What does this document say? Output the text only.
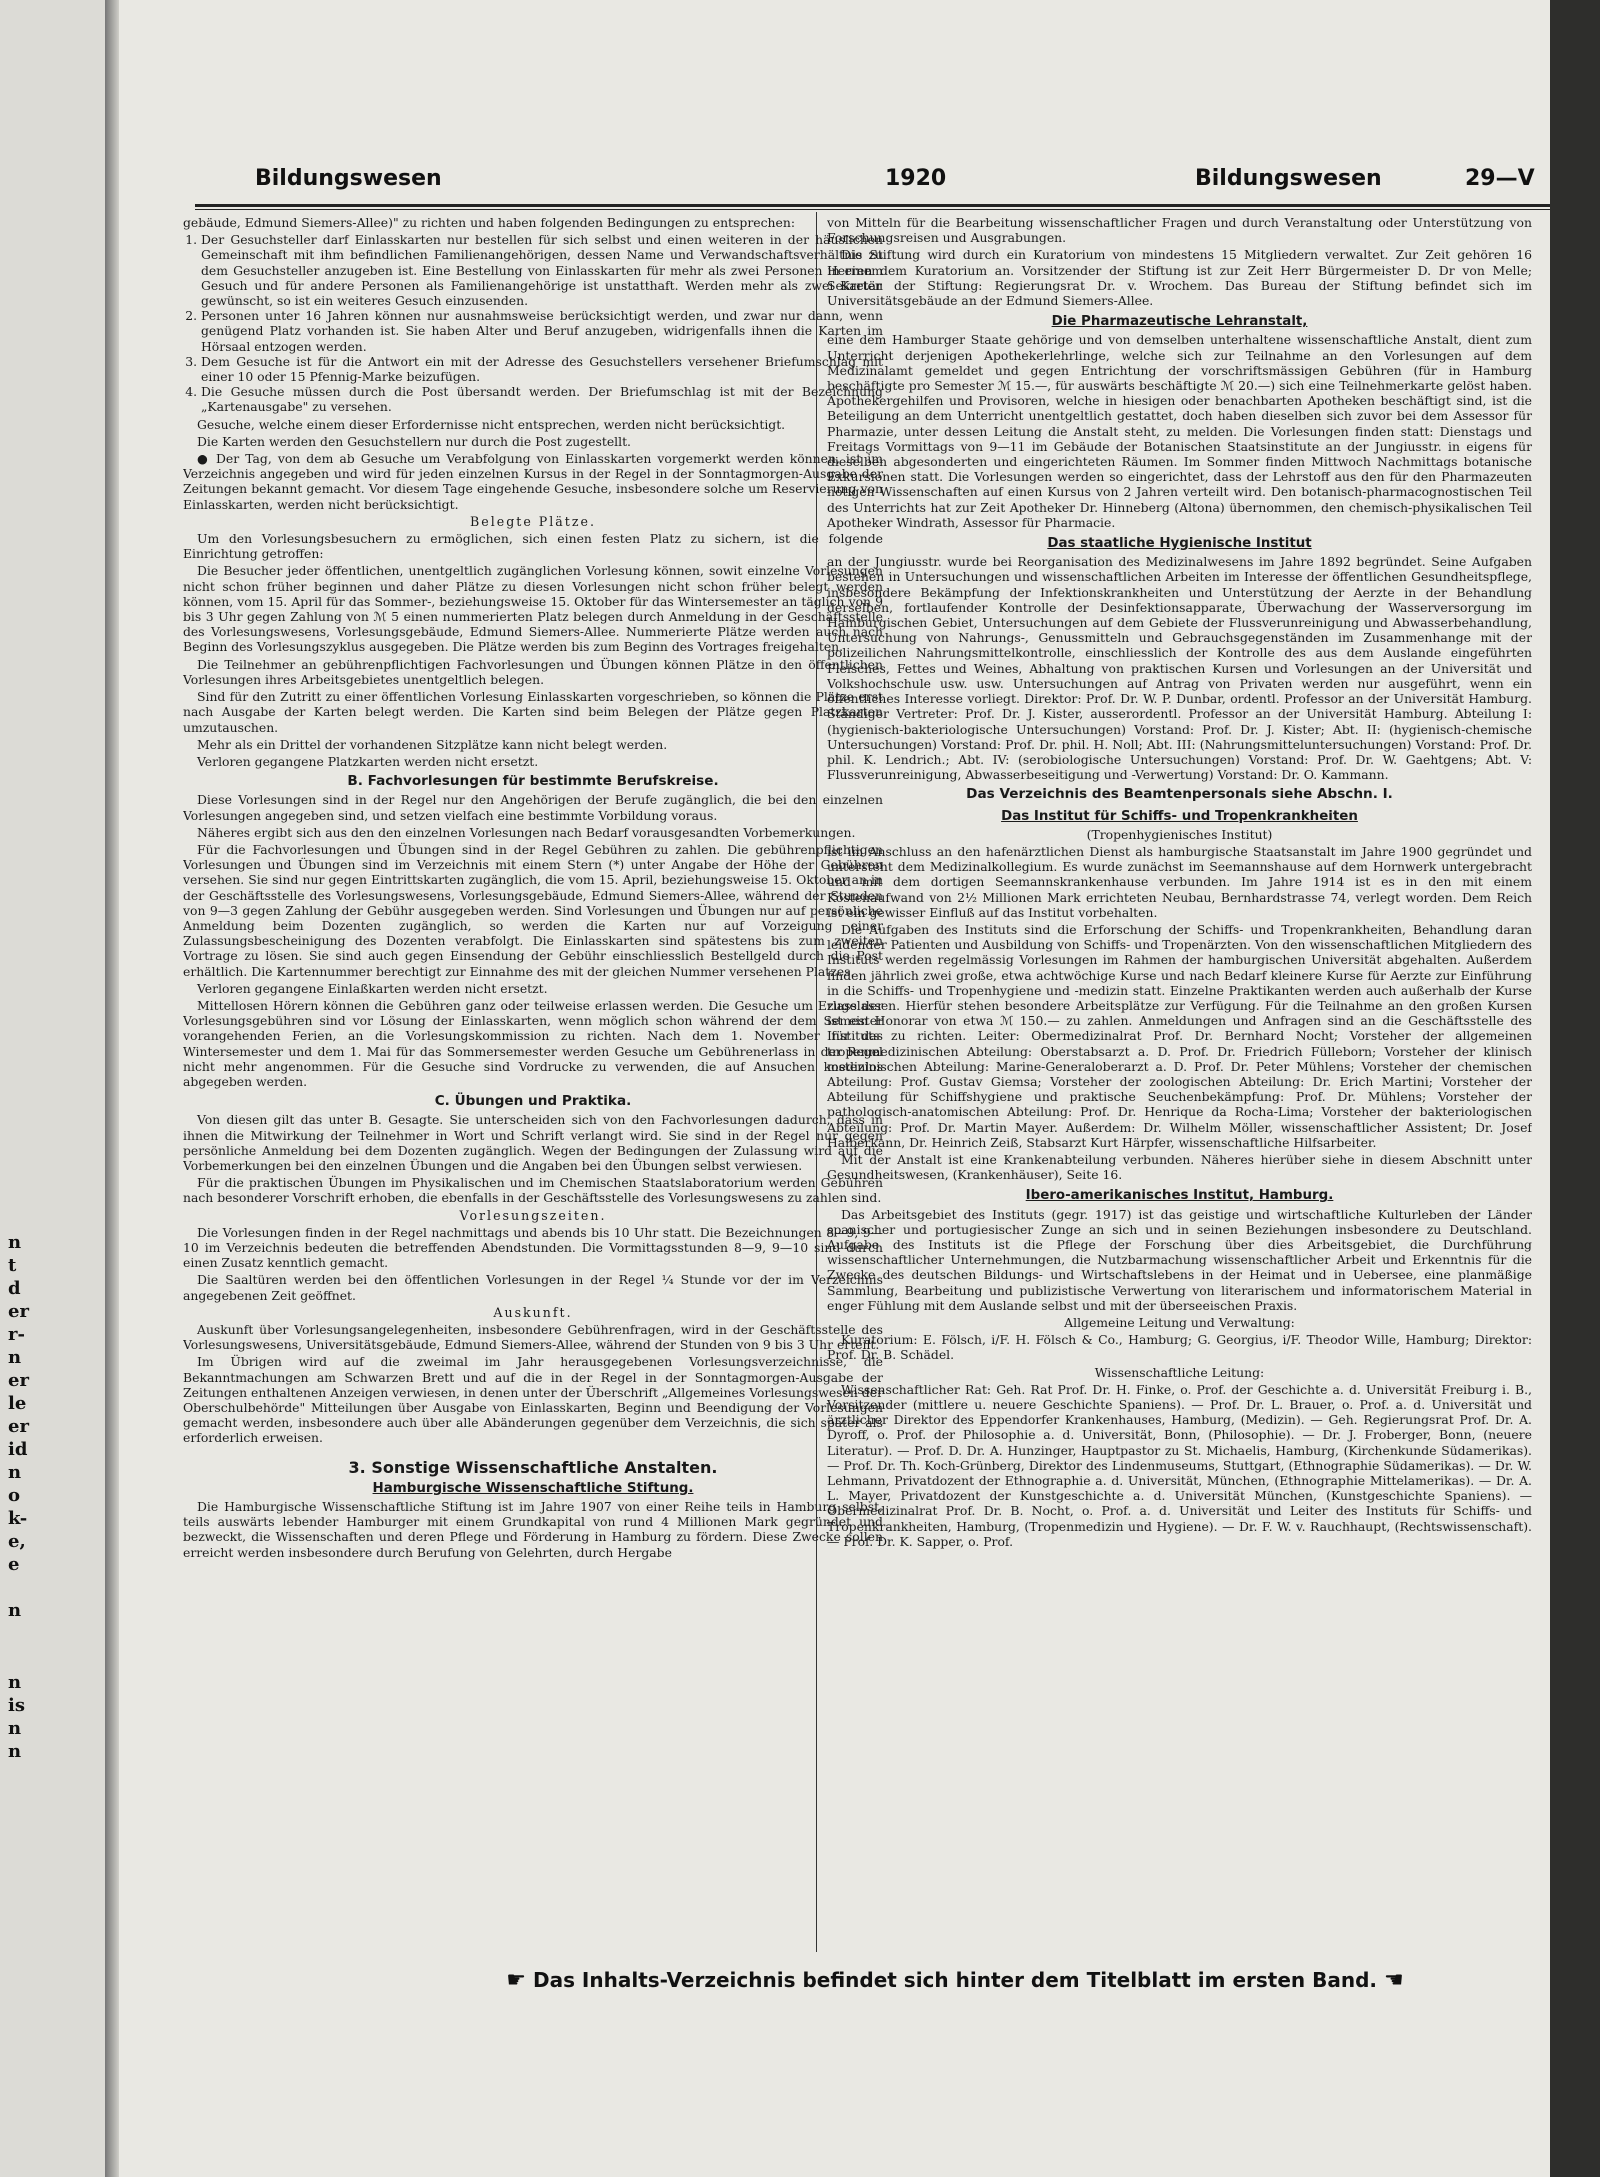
n
t
d
er
r-
n
er
le
er
id
n
o
k-
e,
e
n
n
is
n
n
Bildungswesen	1920	Bildungswesen	29—V

gebäude, Edmund Siemers-Allee)" zu richten und haben folgenden Bedingungen zu entsprechen:

1. Der Gesuchsteller darf Einlasskarten nur bestellen für sich selbst und einen weiteren in der häuslichen Gemeinschaft mit ihm befindlichen Familienangehörigen, dessen Name und Verwandschaftsverhältnis zu dem Gesuchsteller anzugeben ist. Eine Bestellung von Einlasskarten für mehr als zwei Personen in einem Gesuch und für andere Personen als Familienangehörige ist unstatthaft. Werden mehr als zwei Karten gewünscht, so ist ein weiteres Gesuch einzusenden.
2. Personen unter 16 Jahren können nur ausnahmsweise berücksichtigt werden, und zwar nur dann, wenn genügend Platz vorhanden ist. Sie haben Alter und Beruf anzugeben, widrigenfalls ihnen die Karten im Hörsaal entzogen werden.
3. Dem Gesuche ist für die Antwort ein mit der Adresse des Gesuchstellers versehener Briefumschlag mit einer 10 oder 15 Pfennig-Marke beizufügen.
4. Die Gesuche müssen durch die Post übersandt werden. Der Briefumschlag ist mit der Bezeichnung „Kartenausgabe" zu versehen.

Gesuche, welche einem dieser Erfordernisse nicht entsprechen, werden nicht berücksichtigt.

Die Karten werden den Gesuchstellern nur durch die Post zugestellt.

● Der Tag, von dem ab Gesuche um Verabfolgung von Einlasskarten vorgemerkt werden können, ist im Verzeichnis angegeben und wird für jeden einzelnen Kursus in der Regel in der Sonntagmorgen-Ausgabe der Zeitungen bekannt gemacht. Vor diesem Tage eingehende Gesuche, insbesondere solche um Reservierung von Einlasskarten, werden nicht berücksichtigt.

Belegte Plätze.

Um den Vorlesungsbesuchern zu ermöglichen, sich einen festen Platz zu sichern, ist die folgende Einrichtung getroffen:

Die Besucher jeder öffentlichen, unentgeltlich zugänglichen Vorlesung können, sowit einzelne Vorlesungen nicht schon früher beginnen und daher Plätze zu diesen Vorlesungen nicht schon früher belegt werden können, vom 15. April für das Sommer-, beziehungsweise 15. Oktober für das Wintersemester an täglich von 9 bis 3 Uhr gegen Zahlung von ℳ 5 einen nummerierten Platz belegen durch Anmeldung in der Geschäftsstelle des Vorlesungswesens, Vorlesungsgebäude, Edmund Siemers-Allee. Nummerierte Plätze werden auch nach Beginn des Vorlesungszyklus ausgegeben. Die Plätze werden bis zum Beginn des Vortrages freigehalten.

Die Teilnehmer an gebührenpflichtigen Fachvorlesungen und Übungen können Plätze in den öffentlichen Vorlesungen ihres Arbeitsgebietes unentgeltlich belegen.

Sind für den Zutritt zu einer öffentlichen Vorlesung Einlasskarten vorgeschrieben, so können die Plätze erst nach Ausgabe der Karten belegt werden. Die Karten sind beim Belegen der Plätze gegen Platzkarten umzutauschen.

Mehr als ein Drittel der vorhandenen Sitzplätze kann nicht belegt werden.

Verloren gegangene Platzkarten werden nicht ersetzt.

B. Fachvorlesungen für bestimmte Berufskreise.

Diese Vorlesungen sind in der Regel nur den Angehörigen der Berufe zugänglich, die bei den einzelnen Vorlesungen angegeben sind, und setzen vielfach eine bestimmte Vorbildung voraus.

Näheres ergibt sich aus den den einzelnen Vorlesungen nach Bedarf vorausgesandten Vorbemerkungen.

Für die Fachvorlesungen und Übungen sind in der Regel Gebühren zu zahlen. Die gebührenpflichtigen Vorlesungen und Übungen sind im Verzeichnis mit einem Stern (*) unter Angabe der Höhe der Gebühren versehen. Sie sind nur gegen Eintrittskarten zugänglich, die vom 15. April, beziehungsweise 15. Oktober an in der Geschäftsstelle des Vorlesungswesens, Vorlesungsgebäude, Edmund Siemers-Allee, während der Stunden von 9—3 gegen Zahlung der Gebühr ausgegeben werden. Sind Vorlesungen und Übungen nur auf persönliche Anmeldung beim Dozenten zugänglich, so werden die Karten nur auf Vorzeigung einer Zulassungsbescheinigung des Dozenten verabfolgt. Die Einlasskarten sind spätestens bis zum zweiten Vortrage zu lösen. Sie sind auch gegen Einsendung der Gebühr einschliesslich Bestellgeld durch die Post erhältlich. Die Kartennummer berechtigt zur Einnahme des mit der gleichen Nummer versehenen Platzes.

Verloren gegangene Einlaßkarten werden nicht ersetzt.

Mittellosen Hörern können die Gebühren ganz oder teilweise erlassen werden. Die Gesuche um Erlass der Vorlesungsgebühren sind vor Lösung der Einlasskarten, wenn möglich schon während der dem Semester vorangehenden Ferien, an die Vorlesungskommission zu richten. Nach dem 1. November für das Wintersemester und dem 1. Mai für das Sommersemester werden Gesuche um Gebührenerlass in der Regel nicht mehr angenommen. Für die Gesuche sind Vordrucke zu verwenden, die auf Ansuchen kostenlos abgegeben werden.

C. Übungen und Praktika.

Von diesen gilt das unter B. Gesagte. Sie unterscheiden sich von den Fachvorlesungen dadurch, dass in ihnen die Mitwirkung der Teilnehmer in Wort und Schrift verlangt wird. Sie sind in der Regel nur gegen persönliche Anmeldung bei dem Dozenten zugänglich. Wegen der Bedingungen der Zulassung wird auf die Vorbemerkungen bei den einzelnen Übungen und die Angaben bei den Übungen selbst verwiesen.

Für die praktischen Übungen im Physikalischen und im Chemischen Staatslaboratorium werden Gebühren nach besonderer Vorschrift erhoben, die ebenfalls in der Geschäftsstelle des Vorlesungswesens zu zahlen sind.

Vorlesungszeiten.

Die Vorlesungen finden in der Regel nachmittags und abends bis 10 Uhr statt. Die Bezeichnungen 8—9, 9—10 im Verzeichnis bedeuten die betreffenden Abendstunden. Die Vormittagsstunden 8—9, 9—10 sind durch einen Zusatz kenntlich gemacht.

Die Saaltüren werden bei den öffentlichen Vorlesungen in der Regel ¼ Stunde vor der im Verzeichnis angegebenen Zeit geöffnet.

Auskunft.

Auskunft über Vorlesungsangelegenheiten, insbesondere Gebührenfragen, wird in der Geschäftsstelle des Vorlesungswesens, Universitätsgebäude, Edmund Siemers-Allee, während der Stunden von 9 bis 3 Uhr erteilt.

Im Übrigen wird auf die zweimal im Jahr herausgegebenen Vorlesungsverzeichnisse, die Bekanntmachungen am Schwarzen Brett und auf die in der Regel in der Sonntagmorgen-Ausgabe der Zeitungen enthaltenen Anzeigen verwiesen, in denen unter der Überschrift „Allgemeines Vorlesungswesen der Oberschulbehörde" Mitteilungen über Ausgabe von Einlasskarten, Beginn und Beendigung der Vorlesungen gemacht werden, insbesondere auch über alle Abänderungen gegenüber dem Verzeichnis, die sich später als erforderlich erweisen.

3. Sonstige Wissenschaftliche Anstalten.
Hamburgische Wissenschaftliche Stiftung.

Die Hamburgische Wissenschaftliche Stiftung ist im Jahre 1907 von einer Reihe teils in Hamburg selbst, teils auswärts lebender Hamburger mit einem Grundkapital von rund 4 Millionen Mark gegründet und bezweckt, die Wissenschaften und deren Pflege und Förderung in Hamburg zu fördern. Diese Zwecke sollen erreicht werden insbesondere durch Berufung von Gelehrten, durch Hergabe

von Mitteln für die Bearbeitung wissenschaftlicher Fragen und durch Veranstaltung oder Unterstützung von Forschungsreisen und Ausgrabungen.

Die Stiftung wird durch ein Kuratorium von mindestens 15 Mitgliedern verwaltet. Zur Zeit gehören 16 Herren dem Kuratorium an. Vorsitzender der Stiftung ist zur Zeit Herr Bürgermeister D. Dr von Melle; Sekretär der Stiftung: Regierungsrat Dr. v. Wrochem. Das Bureau der Stiftung befindet sich im Universitätsgebäude an der Edmund Siemers-Allee.

Die Pharmazeutische Lehranstalt,

eine dem Hamburger Staate gehörige und von demselben unterhaltene wissenschaftliche Anstalt, dient zum Unterricht derjenigen Apothekerlehrlinge, welche sich zur Teilnahme an den Vorlesungen auf dem Medizinalamt gemeldet und gegen Entrichtung der vorschriftsmässigen Gebühren (für in Hamburg beschäftigte pro Semester ℳ 15.—, für auswärts beschäftigte ℳ 20.—) sich eine Teilnehmerkarte gelöst haben. Apothekergehilfen und Provisoren, welche in hiesigen oder benachbarten Apotheken beschäftigt sind, ist die Beteiligung an dem Unterricht unentgeltlich gestattet, doch haben dieselben sich zuvor bei dem Assessor für Pharmazie, unter dessen Leitung die Anstalt steht, zu melden. Die Vorlesungen finden statt: Dienstags und Freitags Vormittags von 9—11 im Gebäude der Botanischen Staatsinstitute an der Jungiusstr. in eigens für dieselben abgesonderten und eingerichteten Räumen. Im Sommer finden Mittwoch Nachmittags botanische Exkursionen statt. Die Vorlesungen werden so eingerichtet, dass der Lehrstoff aus den für den Pharmazeuten nötigen Wissenschaften auf einen Kursus von 2 Jahren verteilt wird. Den botanisch-pharmacognostischen Teil des Unterrichts hat zur Zeit Apotheker Dr. Hinneberg (Altona) übernommen, den chemisch-physikalischen Teil Apotheker Windrath, Assessor für Pharmacie.

Das staatliche Hygienische Institut

an der Jungiusstr. wurde bei Reorganisation des Medizinalwesens im Jahre 1892 begründet. Seine Aufgaben bestehen in Untersuchungen und wissenschaftlichen Arbeiten im Interesse der öffentlichen Gesundheitspflege, insbesondere Bekämpfung der Infektionskrankheiten und Unterstützung der Aerzte in der Behandlung derselben, fortlaufender Kontrolle der Desinfektionsapparate, Überwachung der Wasserversorgung im Hamburgischen Gebiet, Untersuchungen auf dem Gebiete der Flussverunreinigung und Abwasserbehandlung, Untersuchung von Nahrungs-, Genussmitteln und Gebrauchsgegenständen im Zusammenhange mit der polizeilichen Nahrungsmittelkontrolle, einschliesslich der Kontrolle des aus dem Auslande eingeführten Fleisches, Fettes und Weines, Abhaltung von praktischen Kursen und Vorlesungen an der Universität und Volkshochschule usw. usw. Untersuchungen auf Antrag von Privaten werden nur ausgeführt, wenn ein öffentliches Interesse vorliegt. Direktor: Prof. Dr. W. P. Dunbar, ordentl. Professor an der Universität Hamburg. Ständiger Vertreter: Prof. Dr. J. Kister, ausserordentl. Professor an der Universität Hamburg. Abteilung I: (hygienisch-bakteriologische Untersuchungen) Vorstand: Prof. Dr. J. Kister; Abt. II: (hygienisch-chemische Untersuchungen) Vorstand: Prof. Dr. phil. H. Noll; Abt. III: (Nahrungsmitteluntersuchungen) Vorstand: Prof. Dr. phil. K. Lendrich.; Abt. IV: (serobiologische Untersuchungen) Vorstand: Prof. Dr. W. Gaehtgens; Abt. V: Flussverunreinigung, Abwasserbeseitigung und -Verwertung) Vorstand: Dr. O. Kammann.

Das Verzeichnis des Beamtenpersonals siehe Abschn. I.
Das Institut für Schiffs- und Tropenkrankheiten
(Tropenhygienisches Institut)

ist im Anschluss an den hafenärztlichen Dienst als hamburgische Staatsanstalt im Jahre 1900 gegründet und untersteht dem Medizinalkollegium. Es wurde zunächst im Seemannshause auf dem Hornwerk untergebracht und mit dem dortigen Seemannskrankenhause verbunden. Im Jahre 1914 ist es in den mit einem Kostenaufwand von 2½ Millionen Mark errichteten Neubau, Bernhardstrasse 74, verlegt worden. Dem Reich ist ein gewisser Einfluß auf das Institut vorbehalten.

Die Aufgaben des Instituts sind die Erforschung der Schiffs- und Tropenkrankheiten, Behandlung daran leidender Patienten und Ausbildung von Schiffs- und Tropenärzten. Von den wissenschaftlichen Mitgliedern des Instituts werden regelmässig Vorlesungen im Rahmen der hamburgischen Universität abgehalten. Außerdem finden jährlich zwei große, etwa achtwöchige Kurse und nach Bedarf kleinere Kurse für Aerzte zur Einführung in die Schiffs- und Tropenhygiene und -medizin statt. Einzelne Praktikanten werden auch außerhalb der Kurse zugelassen. Hierfür stehen besondere Arbeitsplätze zur Verfügung. Für die Teilnahme an den großen Kursen ist ein Honorar von etwa ℳ 150.— zu zahlen. Anmeldungen und Anfragen sind an die Geschäftsstelle des Instituts zu richten. Leiter: Obermedizinalrat Prof. Dr. Bernhard Nocht; Vorsteher der allgemeinen tropenmedizinischen Abteilung: Oberstabsarzt a. D. Prof. Dr. Friedrich Fülleborn; Vorsteher der klinisch medizinischen Abteilung: Marine-Generaloberarzt a. D. Prof. Dr. Peter Mühlens; Vorsteher der chemischen Abteilung: Prof. Gustav Giemsa; Vorsteher der zoologischen Abteilung: Dr. Erich Martini; Vorsteher der Abteilung für Schiffshygiene und praktische Seuchenbekämpfung: Prof. Dr. Mühlens; Vorsteher der pathologisch-anatomischen Abteilung: Prof. Dr. Henrique da Rocha-Lima; Vorsteher der bakteriologischen Abteilung: Prof. Dr. Martin Mayer. Außerdem: Dr. Wilhelm Möller, wissenschaftlicher Assistent; Dr. Josef Halberkann, Dr. Heinrich Zeiß, Stabsarzt Kurt Härpfer, wissenschaftliche Hilfsarbeiter.

Mit der Anstalt ist eine Krankenabteilung verbunden. Näheres hierüber siehe in diesem Abschnitt unter Gesundheitswesen, (Krankenhäuser), Seite 16.

Ibero-amerikanisches Institut, Hamburg.

Das Arbeitsgebiet des Instituts (gegr. 1917) ist das geistige und wirtschaftliche Kulturleben der Länder spanischer und portugiesischer Zunge an sich und in seinen Beziehungen insbesondere zu Deutschland. Aufgabe des Instituts ist die Pflege der Forschung über dies Arbeitsgebiet, die Durchführung wissenschaftlicher Unternehmungen, die Nutzbarmachung wissenschaftlicher Arbeit und Erkenntnis für die Zwecke des deutschen Bildungs- und Wirtschaftslebens in der Heimat und in Uebersee, eine planmäßige Sammlung, Bearbeitung und publizistische Verwertung von literarischem und informatorischem Material in enger Fühlung mit dem Auslande selbst und mit der überseeischen Praxis.

Allgemeine Leitung und Verwaltung:

Kuratorium: E. Fölsch, i/F. H. Fölsch & Co., Hamburg; G. Georgius, i/F. Theodor Wille, Hamburg; Direktor: Prof. Dr. B. Schädel.

Wissenschaftliche Leitung:

Wissenschaftlicher Rat: Geh. Rat Prof. Dr. H. Finke, o. Prof. der Geschichte a. d. Universität Freiburg i. B., Vorsitzender (mittlere u. neuere Geschichte Spaniens). — Prof. Dr. L. Brauer, o. Prof. a. d. Universität und ärztlicher Direktor des Eppendorfer Krankenhauses, Hamburg, (Medizin). — Geh. Regierungsrat Prof. Dr. A. Dyroff, o. Prof. der Philosophie a. d. Universität, Bonn, (Philosophie). — Dr. J. Froberger, Bonn, (neuere Literatur). — Prof. D. Dr. A. Hunzinger, Hauptpastor zu St. Michaelis, Hamburg, (Kirchenkunde Südamerikas). — Prof. Dr. Th. Koch-Grünberg, Direktor des Lindenmuseums, Stuttgart, (Ethnographie Südamerikas). — Dr. W. Lehmann, Privatdozent der Ethnographie a. d. Universität, München, (Ethnographie Mittelamerikas). — Dr. A. L. Mayer, Privatdozent der Kunstgeschichte a. d. Universität München, (Kunstgeschichte Spaniens). — Obermedizinalrat Prof. Dr. B. Nocht, o. Prof. a. d. Universität und Leiter des Instituts für Schiffs- und Tropenkrankheiten, Hamburg, (Tropenmedizin und Hygiene). — Dr. F. W. v. Rauchhaupt, (Rechtswissenschaft). — Prof. Dr. K. Sapper, o. Prof.

☛ Das Inhalts-Verzeichnis befindet sich hinter dem Titelblatt im ersten Band. ☚
